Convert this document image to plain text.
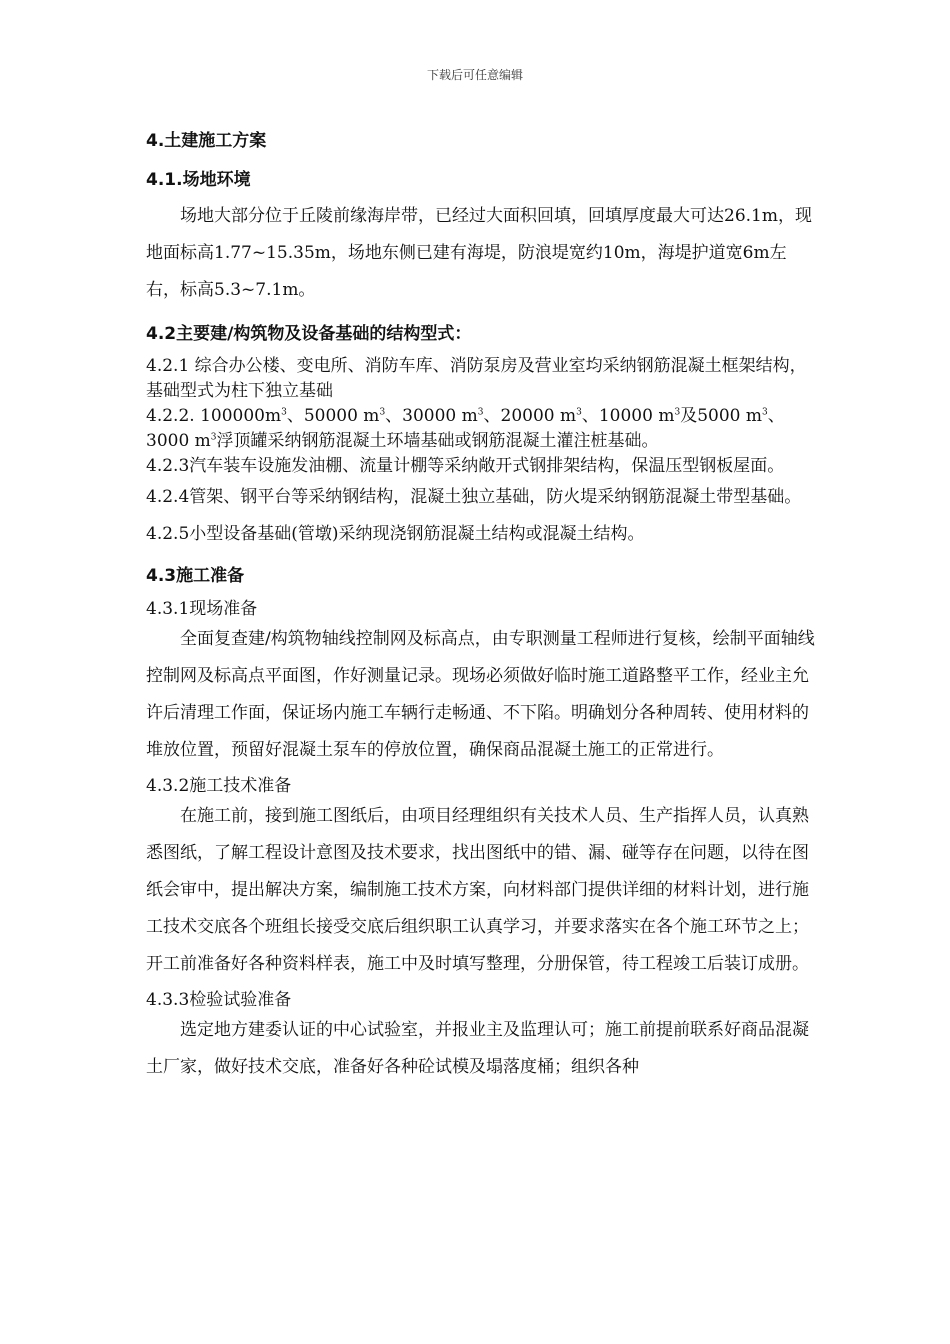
下载后可任意编辑

4.土建施工方案

4.1.场地环境

场地大部分位于丘陵前缘海岸带，已经过大面积回填，回填厚度最大可达26.1m，现地面标高1.77~15.35m，场地东侧已建有海堤，防浪堤宽约10m，海堤护道宽6m左右，标高5.3~7.1m。

4.2主要建/构筑物及设备基础的结构型式：

4.2.1 综合办公楼、变电所、消防车库、消防泵房及营业室均采纳钢筋混凝土框架结构，基础型式为柱下独立基础

4.2.2. $100000m^3$、50000 $m^3$、30000 $m^3$、20000 $m^3$、10000 $m^3$及5000 $m^3$、3000 $m^3$浮顶罐采纳钢筋混凝土环墙基础或钢筋混凝土灌注桩基础。

4.2.3汽车装车设施发油棚、流量计棚等采纳敞开式钢排架结构，保温压型钢板屋面。

4.2.4管架、钢平台等采纳钢结构，混凝土独立基础，防火堤采纳钢筋混凝土带型基础。

4.2.5小型设备基础(管墩)采纳现浇钢筋混凝土结构或混凝土结构。

4.3施工准备

4.3.1现场准备

全面复查建/构筑物轴线控制网及标高点，由专职测量工程师进行复核，绘制平面轴线控制网及标高点平面图，作好测量记录。现场必须做好临时施工道路整平工作，经业主允许后清理工作面，保证场内施工车辆行走畅通、不下陷。明确划分各种周转、使用材料的堆放位置，预留好混凝土泵车的停放位置，确保商品混凝土施工的正常进行。

4.3.2施工技术准备

在施工前，接到施工图纸后，由项目经理组织有关技术人员、生产指挥人员，认真熟悉图纸，了解工程设计意图及技术要求，找出图纸中的错、漏、碰等存在问题，以待在图纸会审中，提出解决方案，编制施工技术方案，向材料部门提供详细的材料计划，进行施工技术交底各个班组长接受交底后组织职工认真学习，并要求落实在各个施工环节之上；开工前准备好各种资料样表，施工中及时填写整理，分册保管，待工程竣工后装订成册。

4.3.3检验试验准备

选定地方建委认证的中心试验室，并报业主及监理认可；施工前提前联系好商品混凝土厂家，做好技术交底，准备好各种砼试模及塌落度桶；组织各种
